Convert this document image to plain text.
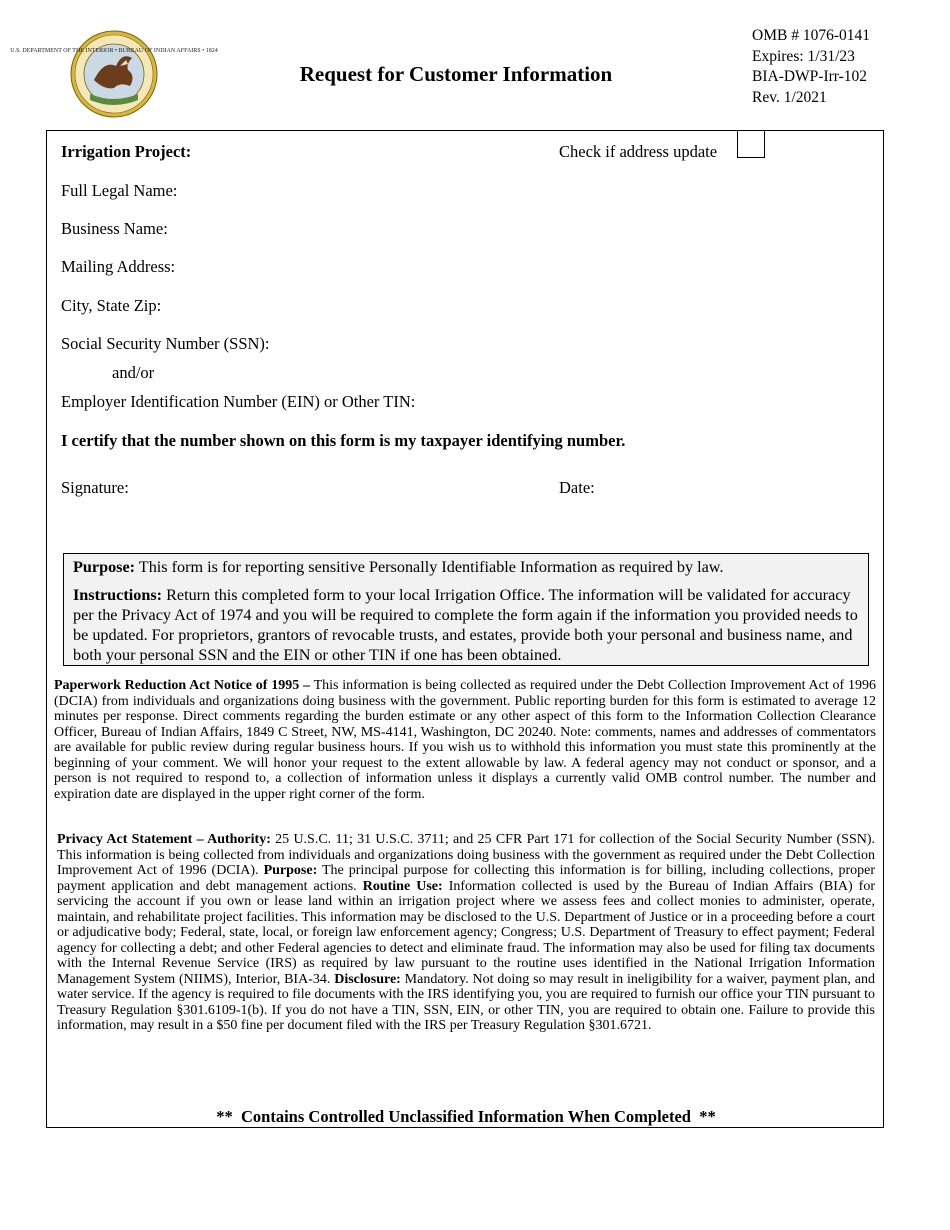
U.S. DEPARTMENT OF THE INTERIOR • BUREAU OF INDIAN AFFAIRS • 1824
Request for Customer Information
OMB # 1076-0141
Expires: 1/31/23
BIA-DWP-Irr-102
Rev. 1/2021
Irrigation Project:	Check if address update
Full Legal Name:
Business Name:
Mailing Address:
City, State Zip:
Social Security Number (SSN):
and/or
Employer Identification Number (EIN) or Other TIN:
I certify that the number shown on this form is my taxpayer identifying number.
Signature:	Date:

Purpose: This form is for reporting sensitive Personally Identifiable Information as required by law.

Instructions: Return this completed form to your local Irrigation Office. The information will be validated for accuracy per the Privacy Act of 1974 and you will be required to complete the form again if the information you provided needs to be updated. For proprietors, grantors of revocable trusts, and estates, provide both your personal and business name, and both your personal SSN and the EIN or other TIN if one has been obtained.

Paperwork Reduction Act Notice of 1995 – This information is being collected as required under the Debt Collection Improvement Act of 1996 (DCIA) from individuals and organizations doing business with the government. Public reporting burden for this form is estimated to average 12 minutes per response. Direct comments regarding the burden estimate or any other aspect of this form to the Information Collection Clearance Officer, Bureau of Indian Affairs, 1849 C Street, NW, MS-4141, Washington, DC 20240. Note: comments, names and addresses of commentators are available for public review during regular business hours. If you wish us to withhold this information you must state this prominently at the beginning of your comment. We will honor your request to the extent allowable by law. A federal agency may not conduct or sponsor, and a person is not required to respond to, a collection of information unless it displays a currently valid OMB control number. The number and expiration date are displayed in the upper right corner of the form.

Privacy Act Statement – Authority: 25 U.S.C. 11; 31 U.S.C. 3711; and 25 CFR Part 171 for collection of the Social Security Number (SSN). This information is being collected from individuals and organizations doing business with the government as required under the Debt Collection Improvement Act of 1996 (DCIA). Purpose: The principal purpose for collecting this information is for billing, including collections, proper payment application and debt management actions. Routine Use: Information collected is used by the Bureau of Indian Affairs (BIA) for servicing the account if you own or lease land within an irrigation project where we assess fees and collect monies to administer, operate, maintain, and rehabilitate project facilities. This information may be disclosed to the U.S. Department of Justice or in a proceeding before a court or adjudicative body; Federal, state, local, or foreign law enforcement agency; Congress; U.S. Department of Treasury to effect payment; Federal agency for collecting a debt; and other Federal agencies to detect and eliminate fraud. The information may also be used for filing tax documents with the Internal Revenue Service (IRS) as required by law pursuant to the routine uses identified in the National Irrigation Information Management System (NIIMS), Interior, BIA-34. Disclosure: Mandatory. Not doing so may result in ineligibility for a waiver, payment plan, and water service. If the agency is required to file documents with the IRS identifying you, you are required to furnish our office your TIN pursuant to Treasury Regulation §301.6109-1(b). If you do not have a TIN, SSN, EIN, or other TIN, you are required to obtain one. Failure to provide this information, may result in a $50 fine per document filed with the IRS per Treasury Regulation §301.6721.

**  Contains Controlled Unclassified Information When Completed  **
